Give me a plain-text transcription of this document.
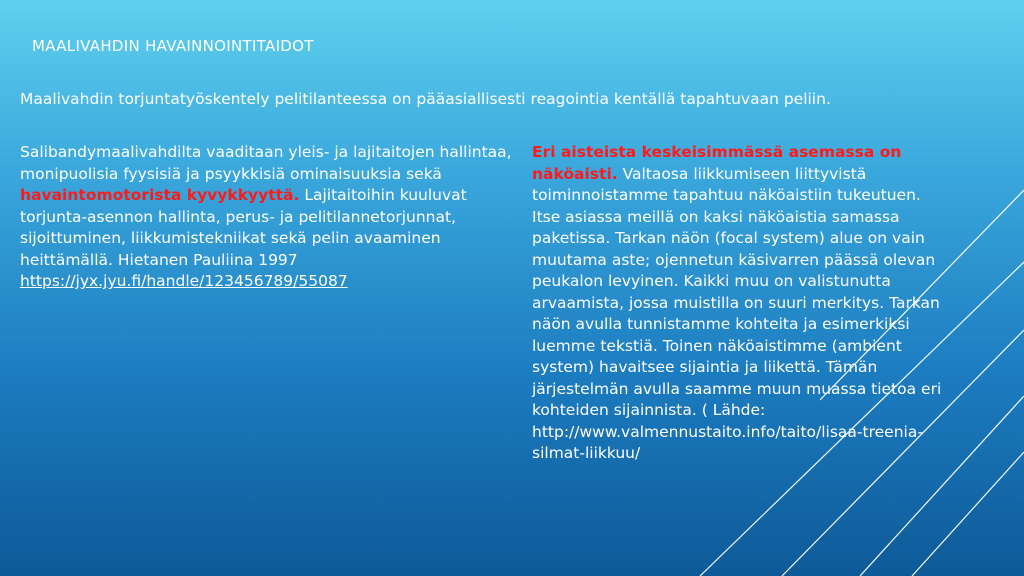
MAALIVAHDIN HAVAINNOINTITAIDOT
Maalivahdin torjuntatyöskentely pelitilanteessa on pääasiallisesti reagointia kentällä tapahtuvaan peliin.

Salibandymaalivahdilta vaaditaan yleis- ja lajitaitojen hallintaa, monipuolisia fyysisiä ja psyykkisiä ominaisuuksia sekä havaintomotorista kyvykkyyttä. Lajitaitoihin kuuluvat torjunta-asennon hallinta, perus- ja pelitilannetorjunnat, sijoittuminen, liikkumistekniikat sekä pelin avaaminen heittämällä. Hietanen Pauliina 1997

https://jyx.jyu.fi/handle/123456789/55087

Eri aisteista keskeisimmässä asemassa on näköaisti. Valtaosa liikkumiseen liittyvistä toiminnoistamme tapahtuu näköaistiin tukeutuen. Itse asiassa meillä on kaksi näköaistia samassa paketissa. Tarkan näön (focal system) alue on vain muutama aste; ojennetun käsivarren päässä olevan peukalon levyinen. Kaikki muu on valistunutta arvaamista, jossa muistilla on suuri merkitys. Tarkan näön avulla tunnistamme kohteita ja esimerkiksi luemme tekstiä. Toinen näköaistimme (ambient system) havaitsee sijaintia ja liikettä. Tämän järjestelmän avulla saamme muun muassa tietoa eri kohteiden sijainnista. ( Lähde: http://www.valmennustaito.info/taito/lisaa-treenia-silmat-liikkuu/
